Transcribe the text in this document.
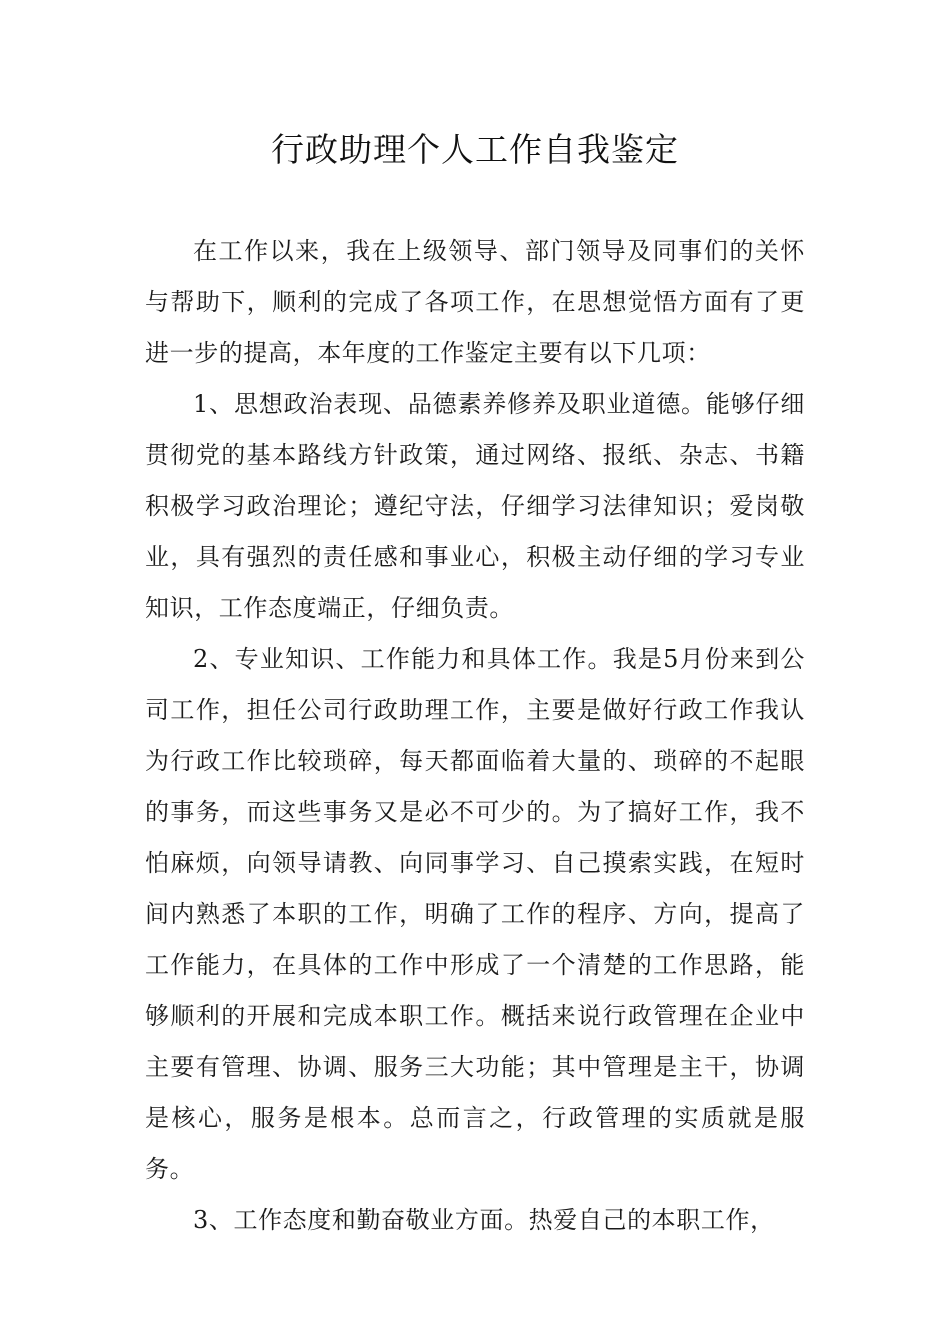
行政助理个人工作自我鉴定

在工作以来，我在上级领导、部门领导及同事们的关怀与帮助下，顺利的完成了各项工作，在思想觉悟方面有了更进一步的提高，本年度的工作鉴定主要有以下几项：

1、思想政治表现、品德素养修养及职业道德。能够仔细贯彻党的基本路线方针政策，通过网络、报纸、杂志、书籍积极学习政治理论；遵纪守法，仔细学习法律知识；爱岗敬业，具有强烈的责任感和事业心，积极主动仔细的学习专业知识，工作态度端正，仔细负责。

2、专业知识、工作能力和具体工作。我是5月份来到公司工作，担任公司行政助理工作，主要是做好行政工作我认为行政工作比较琐碎，每天都面临着大量的、琐碎的不起眼的事务，而这些事务又是必不可少的。为了搞好工作，我不怕麻烦，向领导请教、向同事学习、自己摸索实践，在短时间内熟悉了本职的工作，明确了工作的程序、方向，提高了工作能力，在具体的工作中形成了一个清楚的工作思路，能够顺利的开展和完成本职工作。概括来说行政管理在企业中主要有管理、协调、服务三大功能；其中管理是主干，协调是核心，服务是根本。总而言之，行政管理的实质就是服务。

3、工作态度和勤奋敬业方面。热爱自己的本职工作，
